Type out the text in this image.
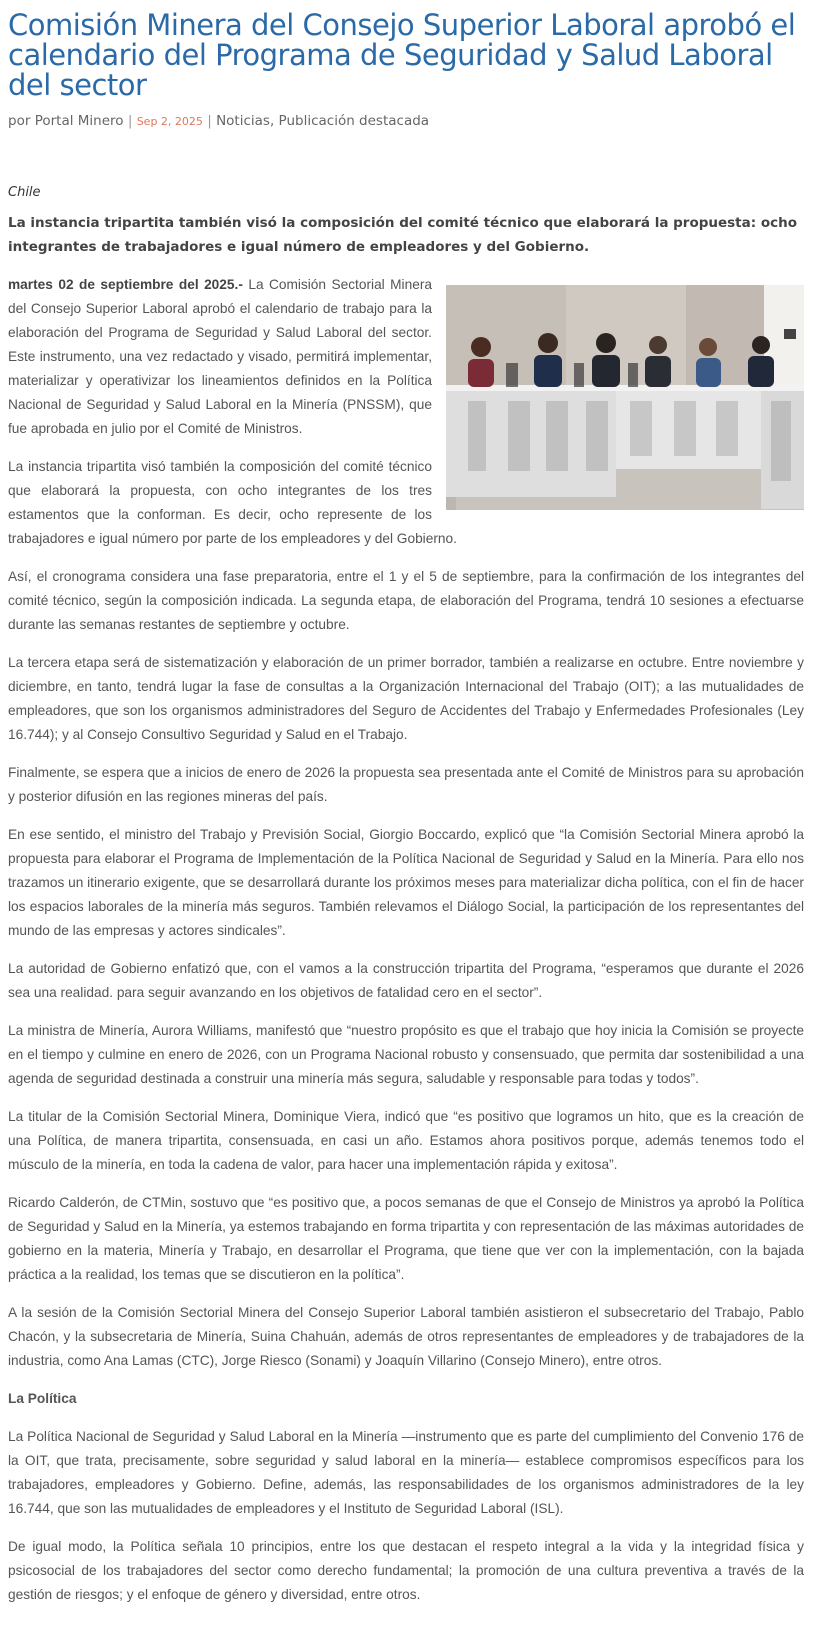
Comisión Minera del Consejo Superior Laboral aprobó el calendario del Programa de Seguridad y Salud Laboral del sector
por Portal Minero | Sep 2, 2025 | Noticias, Publicación destacada
Chile
La instancia tripartita también visó la composición del comité técnico que elaborará la propuesta: ocho integrantes de trabajadores e igual número de empleadores y del Gobierno.

martes 02 de septiembre del 2025.- La Comisión Sectorial Minera del Consejo Superior Laboral aprobó el calendario de trabajo para la elaboración del Programa de Seguridad y Salud Laboral del sector. Este instrumento, una vez redactado y visado, permitirá implementar, materializar y operativizar los lineamientos definidos en la Política Nacional de Seguridad y Salud Laboral en la Minería (PNSSM), que fue aprobada en julio por el Comité de Ministros.

La instancia tripartita visó también la composición del comité técnico que elaborará la propuesta, con ocho integrantes de los tres estamentos que la conforman. Es decir, ocho represente de los trabajadores e igual número por parte de los empleadores y del Gobierno.

Así, el cronograma considera una fase preparatoria, entre el 1 y el 5 de septiembre, para la confirmación de los integrantes del comité técnico, según la composición indicada. La segunda etapa, de elaboración del Programa, tendrá 10 sesiones a efectuarse durante las semanas restantes de septiembre y octubre.

La tercera etapa será de sistematización y elaboración de un primer borrador, también a realizarse en octubre. Entre noviembre y diciembre, en tanto, tendrá lugar la fase de consultas a la Organización Internacional del Trabajo (OIT); a las mutualidades de empleadores, que son los organismos administradores del Seguro de Accidentes del Trabajo y Enfermedades Profesionales (Ley 16.744); y al Consejo Consultivo Seguridad y Salud en el Trabajo.

Finalmente, se espera que a inicios de enero de 2026 la propuesta sea presentada ante el Comité de Ministros para su aprobación y posterior difusión en las regiones mineras del país.

En ese sentido, el ministro del Trabajo y Previsión Social, Giorgio Boccardo, explicó que “la Comisión Sectorial Minera aprobó la propuesta para elaborar el Programa de Implementación de la Política Nacional de Seguridad y Salud en la Minería. Para ello nos trazamos un itinerario exigente, que se desarrollará durante los próximos meses para materializar dicha política, con el fin de hacer los espacios laborales de la minería más seguros. También relevamos el Diálogo Social, la participación de los representantes del mundo de las empresas y actores sindicales”.

La autoridad de Gobierno enfatizó que, con el vamos a la construcción tripartita del Programa, “esperamos que durante el 2026 sea una realidad. para seguir avanzando en los objetivos de fatalidad cero en el sector”.

La ministra de Minería, Aurora Williams, manifestó que “nuestro propósito es que el trabajo que hoy inicia la Comisión se proyecte en el tiempo y culmine en enero de 2026, con un Programa Nacional robusto y consensuado, que permita dar sostenibilidad a una agenda de seguridad destinada a construir una minería más segura, saludable y responsable para todas y todos”.

La titular de la Comisión Sectorial Minera, Dominique Viera, indicó que “es positivo que logramos un hito, que es la creación de una Política, de manera tripartita, consensuada, en casi un año. Estamos ahora positivos porque, además tenemos todo el músculo de la minería, en toda la cadena de valor, para hacer una implementación rápida y exitosa”.

Ricardo Calderón, de CTMin, sostuvo que “es positivo que, a pocos semanas de que el Consejo de Ministros ya aprobó la Política de Seguridad y Salud en la Minería, ya estemos trabajando en forma tripartita y con representación de las máximas autoridades de gobierno en la materia, Minería y Trabajo, en desarrollar el Programa, que tiene que ver con la implementación, con la bajada práctica a la realidad, los temas que se discutieron en la política”.

A la sesión de la Comisión Sectorial Minera del Consejo Superior Laboral también asistieron el subsecretario del Trabajo, Pablo Chacón, y la subsecretaria de Minería, Suina Chahuán, además de otros representantes de empleadores y de trabajadores de la industria, como Ana Lamas (CTC), Jorge Riesco (Sonami) y Joaquín Villarino (Consejo Minero), entre otros.

La Política

La Política Nacional de Seguridad y Salud Laboral en la Minería —instrumento que es parte del cumplimiento del Convenio 176 de la OIT, que trata, precisamente, sobre seguridad y salud laboral en la minería— establece compromisos específicos para los trabajadores, empleadores y Gobierno. Define, además, las responsabilidades de los organismos administradores de la ley 16.744, que son las mutualidades de empleadores y el Instituto de Seguridad Laboral (ISL).

De igual modo, la Política señala 10 principios, entre los que destacan el respeto integral a la vida y la integridad física y psicosocial de los trabajadores del sector como derecho fundamental; la promoción de una cultura preventiva a través de la gestión de riesgos; y el enfoque de género y diversidad, entre otros.
